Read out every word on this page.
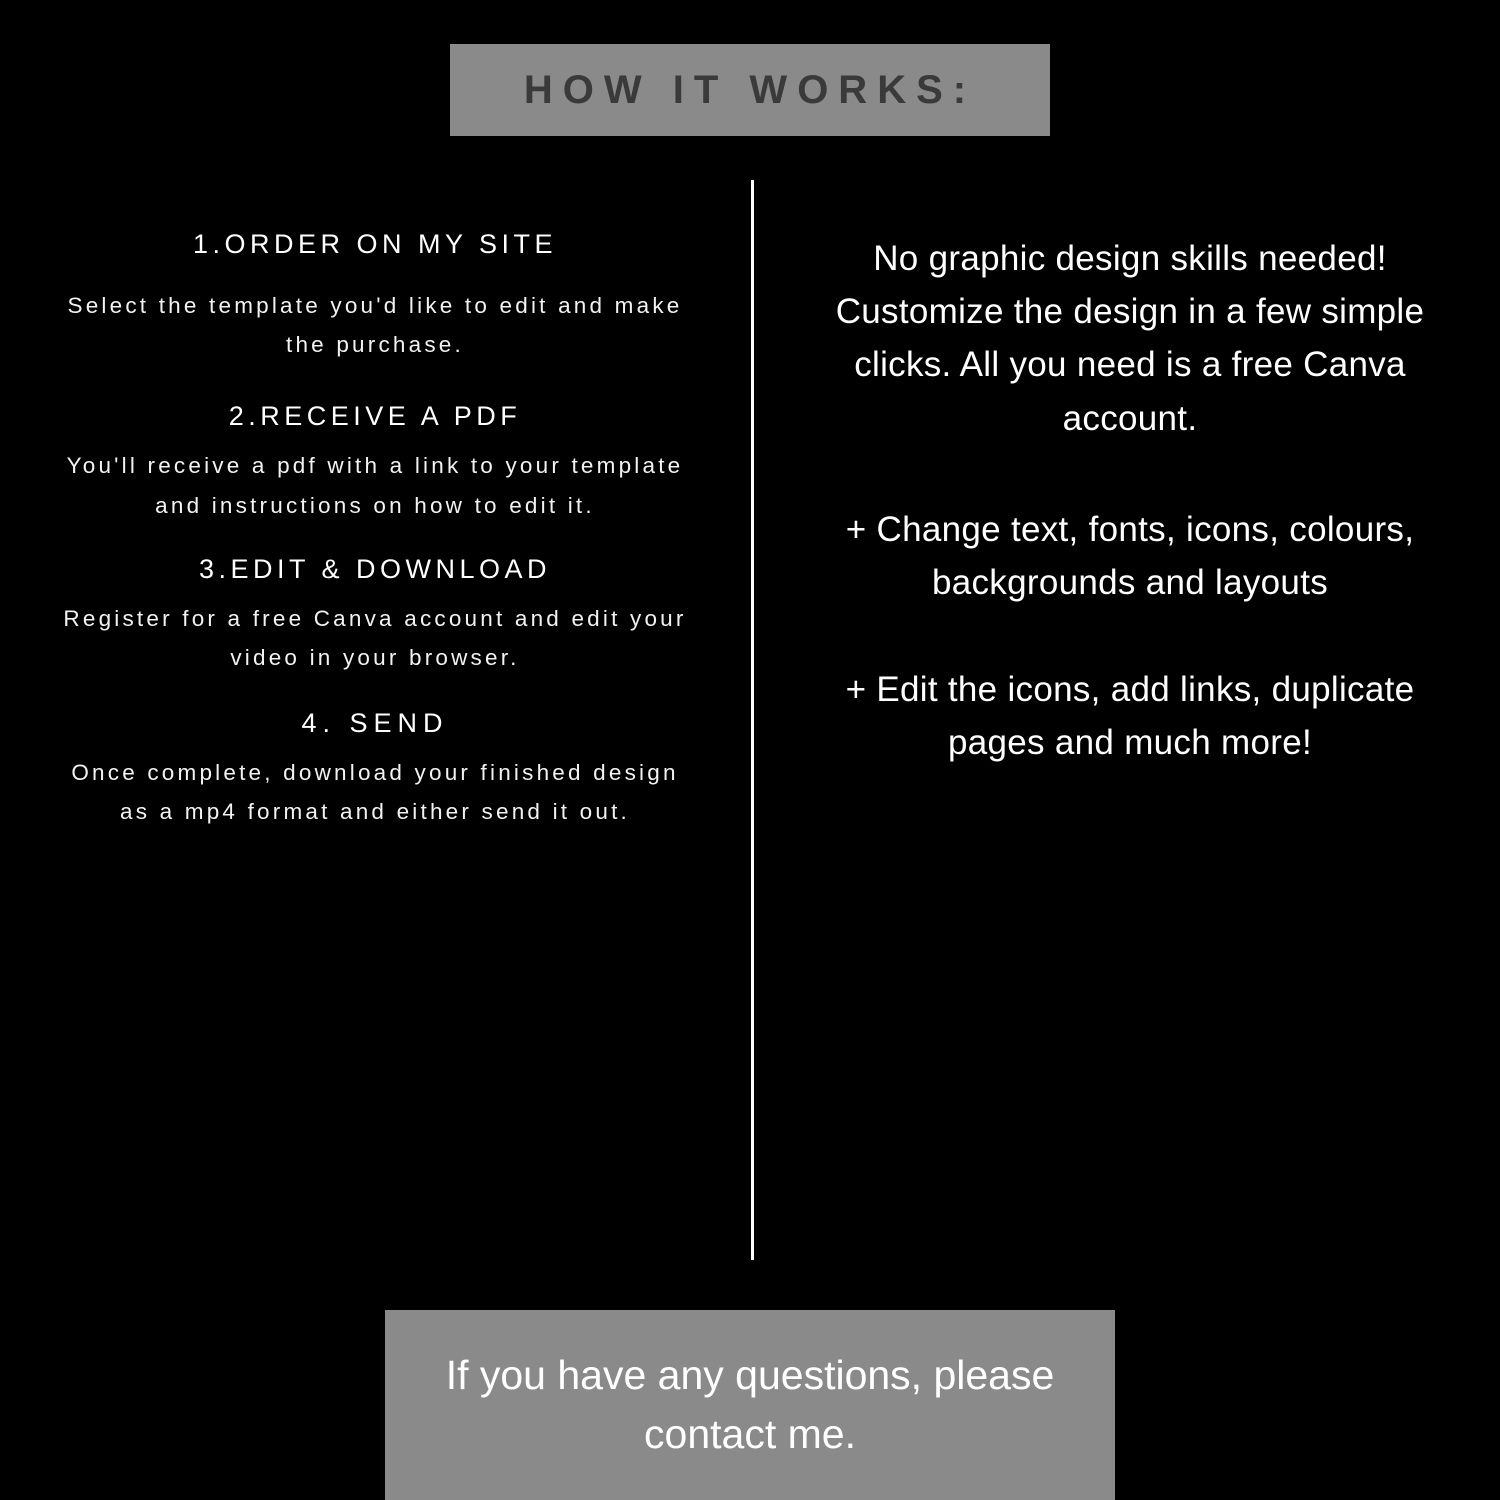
HOW IT WORKS:

1.ORDER ON MY SITE

Select the template you'd like to edit and make the purchase.

2.RECEIVE A PDF

You'll receive a pdf with a link to your template and instructions on how to edit it.

3.EDIT & DOWNLOAD

Register for a free Canva account and edit your video in your browser.

4. SEND

Once complete, download your finished design as a mp4 format and either send it out.

No graphic design skills needed! Customize the design in a few simple clicks. All you need is a free Canva account.

+ Change text, fonts, icons, colours, backgrounds and layouts

+ Edit the icons, add links, duplicate pages and much more!

If you have any questions, please contact me.
